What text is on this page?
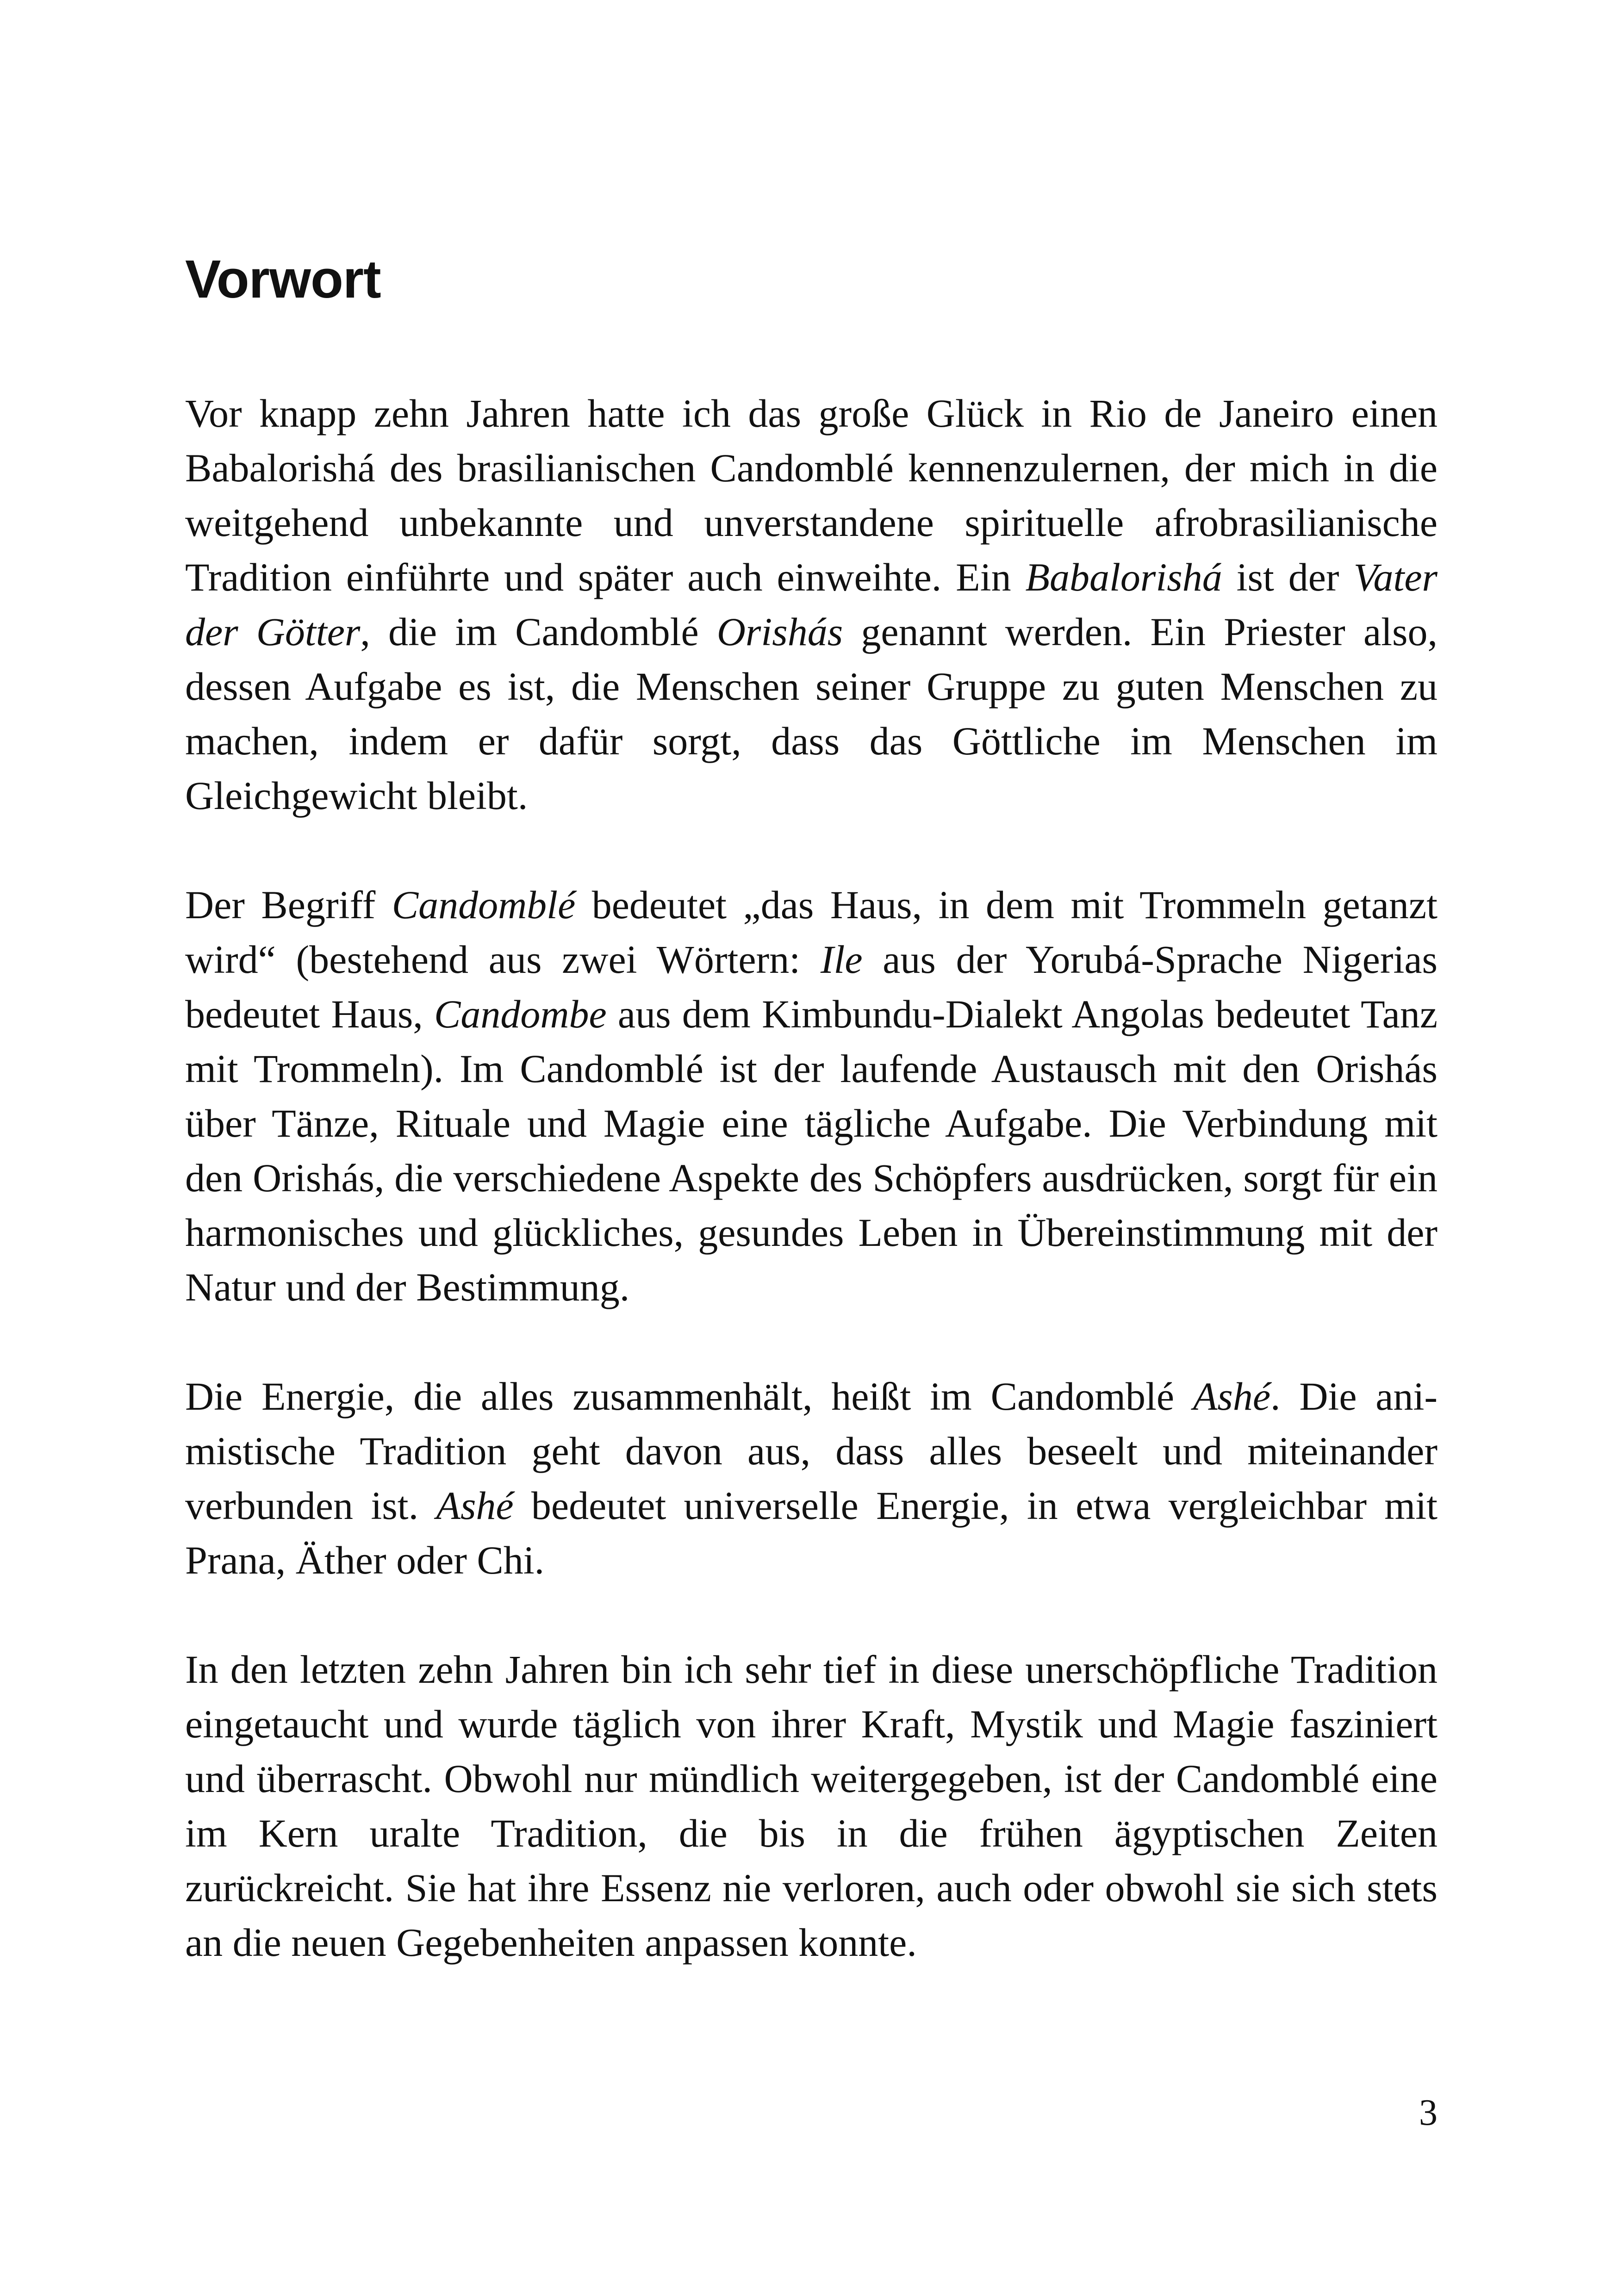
Vorwort

Vor knapp zehn Jahren hatte ich das große Glück in Rio de Janeiro einen Babalorishá des brasilianischen Candomblé kennenzulernen, der mich in die weitgehend unbekannte und unverstandene spirituelle afrobrasilianische Tradition einführte und später auch einweihte. Ein Babalorishá ist der Vater der Götter, die im Candomblé Orishás genannt werden. Ein Priester also, dessen Aufgabe es ist, die Menschen seiner Gruppe zu guten Menschen zu machen, indem er dafür sorgt, dass das Göttliche im Menschen im Gleichgewicht bleibt.

Der Begriff Candomblé bedeutet „das Haus, in dem mit Trommeln getanzt wird“ (bestehend aus zwei Wörtern: Ile aus der Yorubá-Sprache Nigerias bedeutet Haus, Candombe aus dem Kimbundu-Dialekt Angolas bedeutet Tanz mit Trommeln). Im Candomblé ist der laufende Austausch mit den Orishás über Tänze, Rituale und Magie eine tägliche Aufgabe. Die Verbindung mit den Orishás, die verschiedene Aspekte des Schöpfers ausdrücken, sorgt für ein harmonisches und glückliches, gesundes Leben in Übereinstimmung mit der Natur und der Bestimmung.

Die Energie, die alles zusammenhält, heißt im Candomblé Ashé. Die animistische Tradition geht davon aus, dass alles beseelt und miteinander verbunden ist. Ashé bedeutet universelle Energie, in etwa vergleichbar mit Prana, Äther oder Chi.

In den letzten zehn Jahren bin ich sehr tief in diese unerschöpfliche Tradition eingetaucht und wurde täglich von ihrer Kraft, Mystik und Magie fasziniert und überrascht. Obwohl nur mündlich weitergegeben, ist der Candomblé eine im Kern uralte Tradition, die bis in die frühen ägyptischen Zeiten zurückreicht. Sie hat ihre Essenz nie verloren, auch oder obwohl sie sich stets an die neuen Gegebenheiten anpassen konnte.

3
